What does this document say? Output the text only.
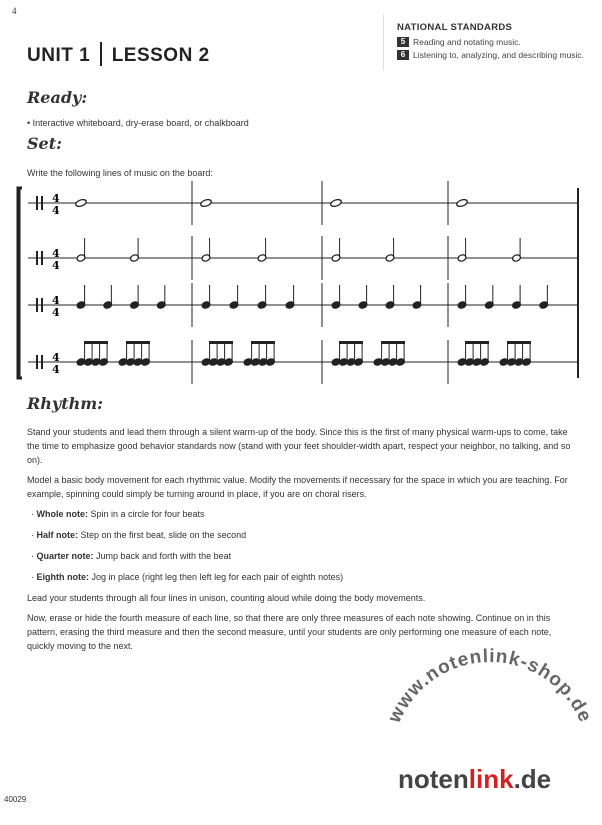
4
UNIT 1 LESSON 2
NATIONAL STANDARDS
5 Reading and notating music.
6 Listening to, analyzing, and describing music.
Ready:
• Interactive whiteboard, dry-erase board, or chalkboard
Set:
Write the following lines of music on the board:
4
4
4
4
4
4
4
4
Rhythm:

Stand your students and lead them through a silent warm-up of the body. Since this is the first of many physical warm-ups to come, take the time to emphasize good behavior standards now (stand with your feet shoulder-width apart, respect your neighbor, no talking, and so on).

Model a basic body movement for each rhythmic value. Modify the movements if necessary for the space in which you are teaching. For example, spinning could simply be turning around in place, if you are on choral risers.

· Whole note: Spin in a circle for four beats
· Half note: Step on the first beat, slide on the second
· Quarter note: Jump back and forth with the beat
· Eighth note: Jog in place (right leg then left leg for each pair of eighth notes)

Lead your students through all four lines in unison, counting aloud while doing the body movements.

Now, erase or hide the fourth measure of each line, so that there are only three measures of each note showing. Continue on in this pattern, erasing the third measure and then the second measure, until your students are only performing one measure of each note, quickly moving to the next.

www.notenlink-shop.de
notenlink.de
40029
